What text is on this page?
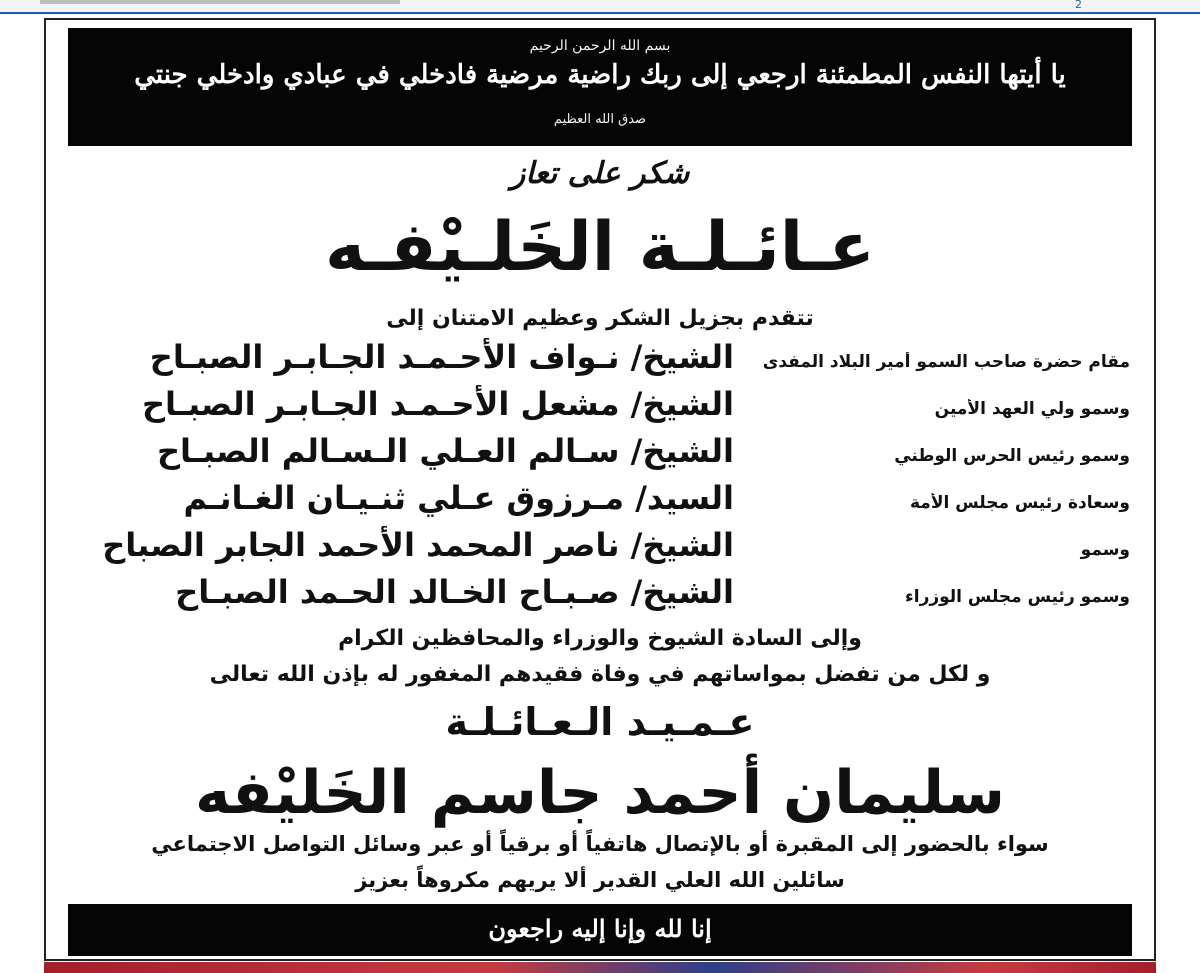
2
بسم الله الرحمن الرحيم
يا أيتها النفس المطمئنة ارجعي إلى ربك راضية مرضية فادخلي في عبادي وادخلي جنتي
صدق الله العظيم
شكر على تعاز
عـائـلـة الخَلـيْفـه
تتقدم بجزيل الشكر وعظيم الامتنان إلى
مقام حضرة صاحب السمو أمير البلاد المفدى
الشيخ/ نـواف الأحـمـد الجـابـر الصبـاح
وسمو ولي العهد الأمين
الشيخ/ مشعل الأحـمـد الجـابـر الصبـاح
وسمو رئيس الحرس الوطني
الشيخ/ سـالم العـلي الـسـالم الصبـاح
وسعادة رئيس مجلس الأمة
السيد/ مـرزوق عـلي ثنـيـان الغـانـم
وسمو
الشيخ/ ناصر المحمد الأحمد الجابر الصباح
وسمو رئيس مجلس الوزراء
الشيخ/ صـبـاح الخـالد الحـمد الصبـاح
وإلى السادة الشيوخ والوزراء والمحافظين الكرام
و لكل من تفضل بمواساتهم في وفاة فقيدهم المغفور له بإذن الله تعالى
عـمـيـد الـعـائـلـة
سليمان أحمد جاسم الخَليْفه
سواء بالحضور إلى المقبرة أو بالإتصال هاتفياً أو برقياً أو عبر وسائل التواصل الاجتماعي
سائلين الله العلي القدير ألا يريهم مكروهاً بعزيز
إنا لله وإنا إليه راجعون
